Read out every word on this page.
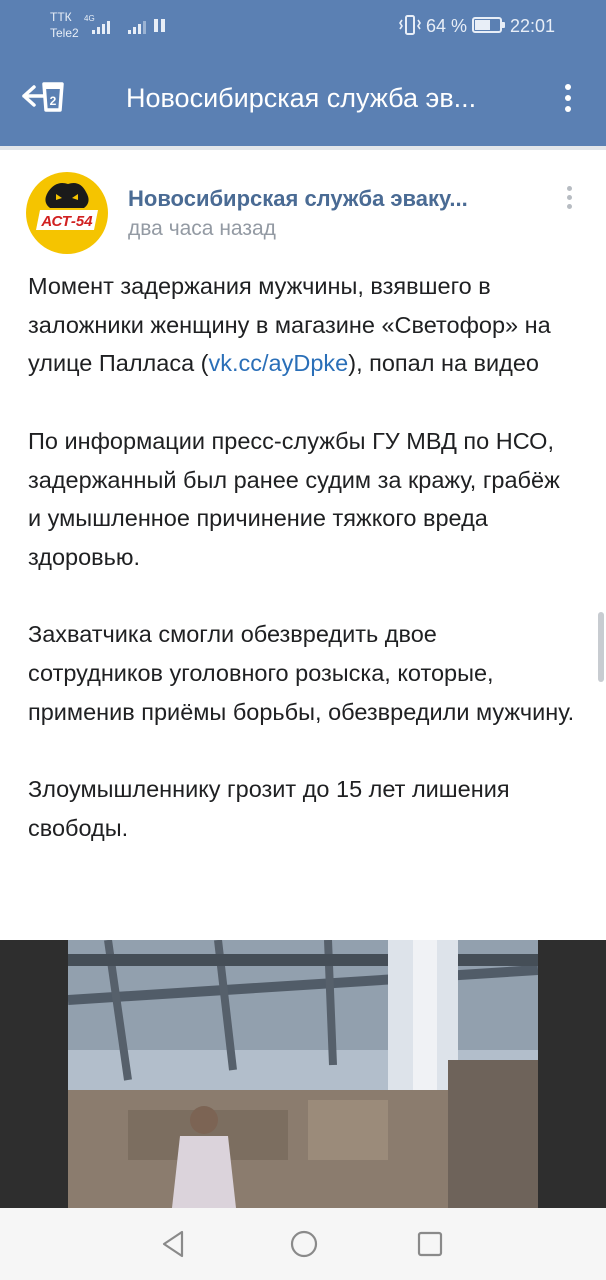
ТТК
Tele2
4G	64 % 22:01
2	Новосибирская служба эв...
АСТ-54
Новосибирская служба эваку...
два часа назад

Момент задержания мужчины, взявшего в заложники женщину в магазине «Светофор» на улице Палласа (vk.cc/ayDpke), попал на видео

По информации пресс-службы ГУ МВД по НСО, задержанный был ранее судим за кражу, грабёж и умышленное причинение тяжкого вреда здоровью.

Захватчика смогли обезвредить двое сотрудников уголовного розыска, которые, применив приёмы борьбы, обезвредили мужчину.

Злоумышленнику грозит до 15 лет лишения свободы.
